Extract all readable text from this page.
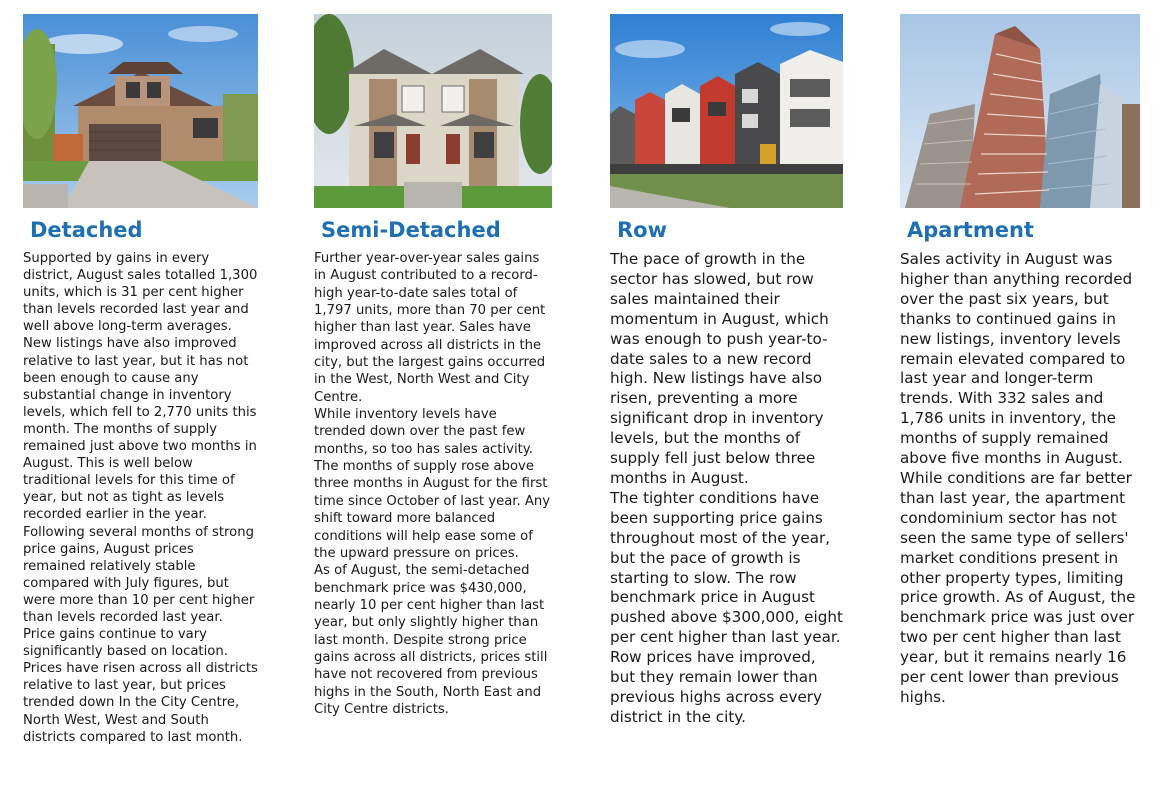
Detached

Supported by gains in every district, August sales totalled 1,300 units, which is 31 per cent higher than levels recorded last year and well above long-term averages. New listings have also improved relative to last year, but it has not been enough to cause any substantial change in inventory levels, which fell to 2,770 units this month. The months of supply remained just above two months in August. This is well below traditional levels for this time of year, but not as tight as levels recorded earlier in the year.

Following several months of strong price gains, August prices remained relatively stable compared with July figures, but were more than 10 per cent higher than levels recorded last year. Price gains continue to vary significantly based on location. Prices have risen across all districts relative to last year, but prices trended down In the City Centre, North West, West and South districts compared to last month.

Semi-Detached

Further year-over-year sales gains in August contributed to a record-high year-to-date sales total of 1,797 units, more than 70 per cent higher than last year. Sales have improved across all districts in the city, but the largest gains occurred in the West, North West and City Centre.

While inventory levels have trended down over the past few months, so too has sales activity. The months of supply rose above three months in August for the first time since October of last year. Any shift toward more balanced conditions will help ease some of the upward pressure on prices.

As of August, the semi-detached benchmark price was $430,000, nearly 10 per cent higher than last year, but only slightly higher than last month. Despite strong price gains across all districts, prices still have not recovered from previous highs in the South, North East and City Centre districts.

Row

The pace of growth in the sector has slowed, but row sales maintained their momentum in August, which was enough to push year-to-date sales to a new record high. New listings have also risen, preventing a more significant drop in inventory levels, but the months of supply fell just below three months in August.

The tighter conditions have been supporting price gains throughout most of the year, but the pace of growth is starting to slow. The row benchmark price in August pushed above $300,000, eight per cent higher than last year. Row prices have improved, but they remain lower than previous highs across every district in the city.

Apartment

Sales activity in August was higher than anything recorded over the past six years, but thanks to continued gains in new listings, inventory levels remain elevated compared to last year and longer-term trends. With 332 sales and 1,786 units in inventory, the months of supply remained above five months in August. While conditions are far better than last year, the apartment condominium sector has not seen the same type of sellers' market conditions present in other property types, limiting price growth. As of August, the benchmark price was just over two per cent higher than last year, but it remains nearly 16 per cent lower than previous highs.
